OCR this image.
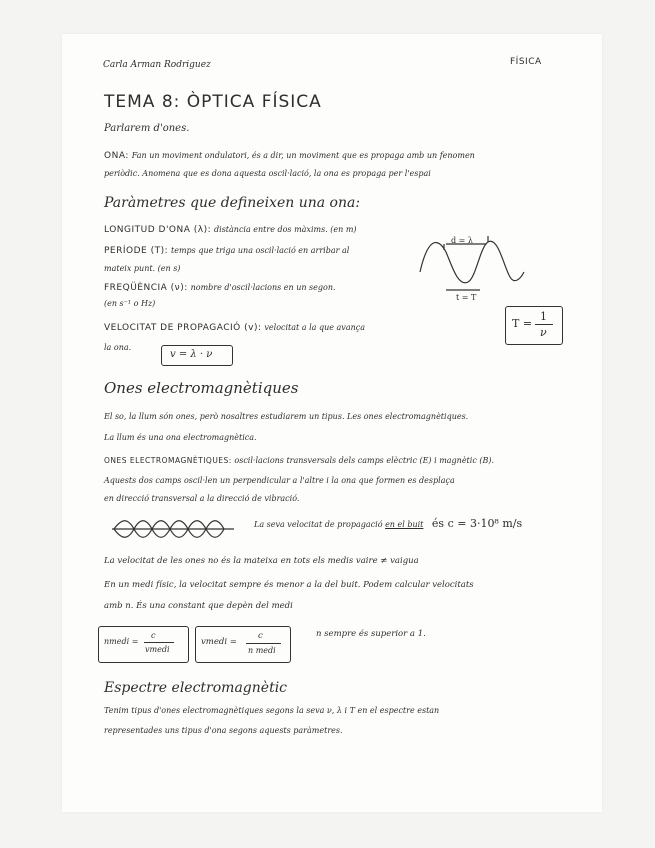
Carla Arman Rodriguez	FÍSICA
TEMA 8: ÒPTICA FÍSICA
Parlarem d'ones.
ONA: Fan un moviment ondulatori, és a dir, un moviment que es propaga amb un fenomen
periòdic. Anomena que es dona aquesta oscil·lació, la ona es propaga per l'espai
Paràmetres que defineixen una ona:
LONGITUD D'ONA (λ): distància entre dos màxims. (en m)
PERÍODE (T): temps que triga una oscil·lació en arribar al
mateix punt. (en s)
FREQÜÈNCIA (ν): nombre d'oscil·lacions en un segon.
(en s⁻¹ o Hz)
VELOCITAT DE PROPAGACIÓ (v): velocitat a la que avança
la ona.
v = λ · ν
d = λ
t = T
T =
1
ν
Ones electromagnètiques
El so, la llum són ones, però nosaltres estudiarem un tipus. Les ones electromagnètiques.
La llum és una ona electromagnètica.
ONES ELECTROMAGNÈTIQUES: oscil·lacions transversals dels camps elèctric (E) i magnètic (B).
Aquests dos camps oscil·len un perpendicular a l'altre i la ona que formen es desplaça
en direcció transversal a la direcció de vibració.
La seva velocitat de propagació en el buit és c = 3·10⁸ m/s
La velocitat de les ones no és la mateixa en tots els medis vaire ≠ vaigua
En un medi físic, la velocitat sempre és menor a la del buit. Podem calcular velocitats
amb n. És una constant que depèn del medi
nmedi =
c
vmedi
vmedi =
c
n medi
n sempre és superior a 1.
Espectre electromagnètic
Tenim tipus d'ones electromagnètiques segons la seva ν, λ i T en el espectre estan
representades uns tipus d'ona segons aquests paràmetres.
